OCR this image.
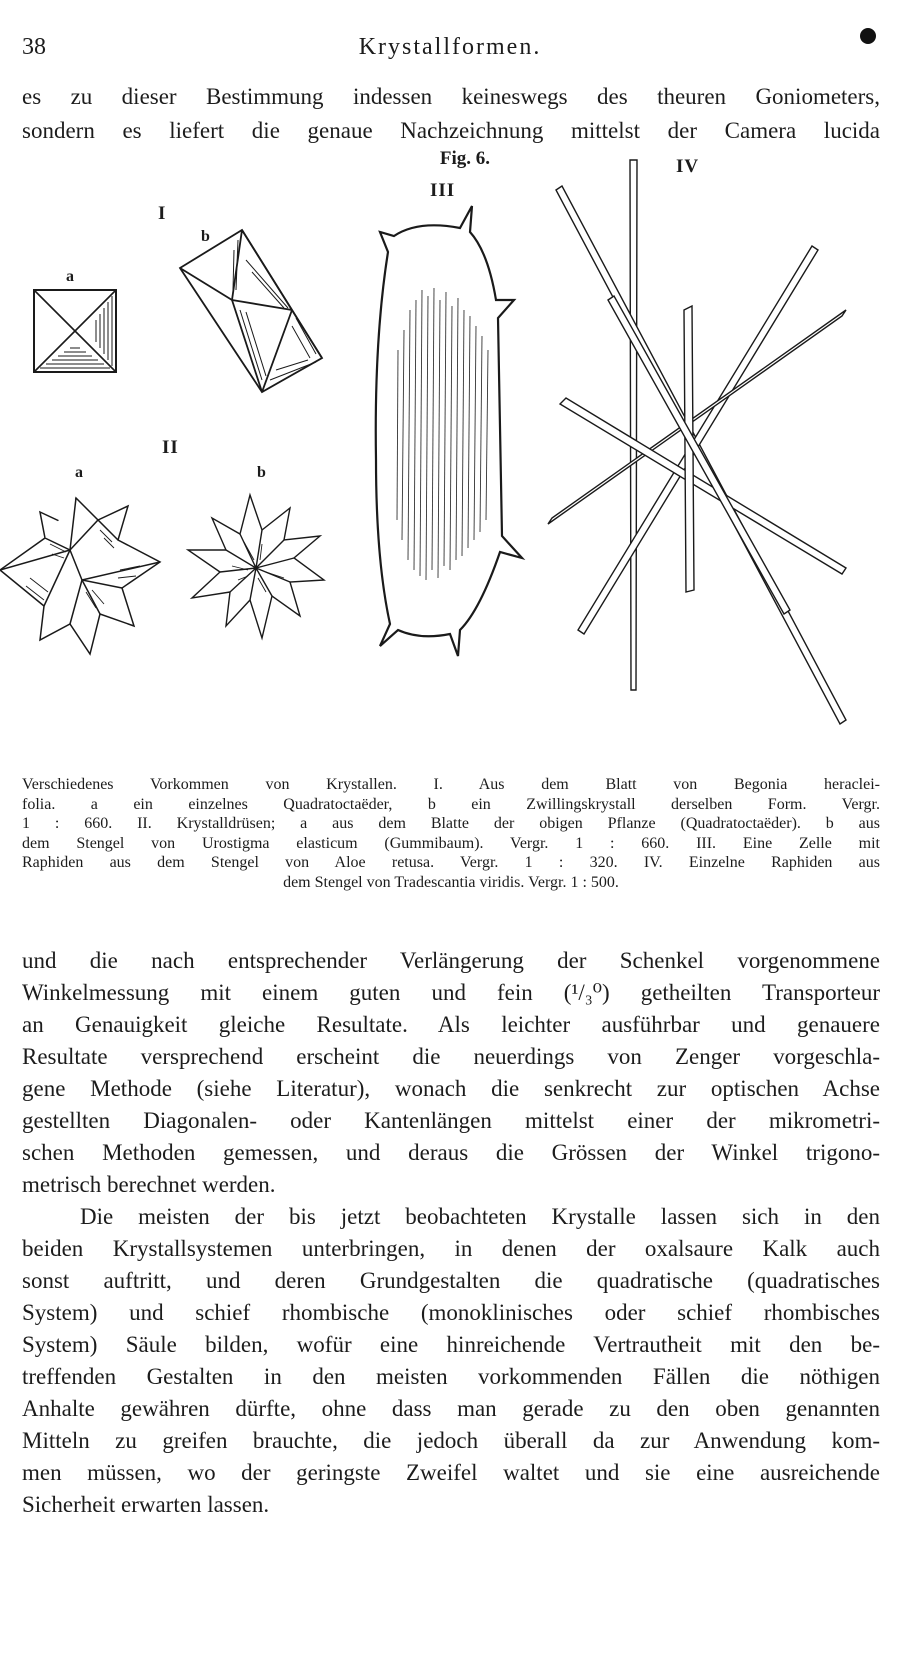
38	Krystallformen.

es zu dieser Bestimmung indessen keineswegs des theuren Goniometers,
sondern es liefert die genaue Nachzeichnung mittelst der Camera lucida

Fig. 6.
I
III
IV
II
a
b
a	b

Verschiedenes Vorkommen von Krystallen. I. Aus dem Blatt von Begonia heraclei-
folia. a ein einzelnes Quadratoctaëder, b ein Zwillingskrystall derselben Form. Vergr.
1 : 660. II. Krystalldrüsen; a aus dem Blatte der obigen Pflanze (Quadratoctaëder). b aus
dem Stengel von Urostigma elasticum (Gummibaum). Vergr. 1 : 660. III. Eine Zelle mit
Raphiden aus dem Stengel von Aloe retusa. Vergr. 1 : 320. IV. Einzelne Raphiden aus
dem Stengel von Tradescantia viridis. Vergr. 1 : 500.

und die nach entsprechender Verlängerung der Schenkel vorgenommene
Winkelmessung mit einem guten und fein (¹/₃⁰) getheilten Transporteur
an Genauigkeit gleiche Resultate. Als leichter ausführbar und genauere
Resultate versprechend erscheint die neuerdings von Zenger vorgeschla-
gene Methode (siehe Literatur), wonach die senkrecht zur optischen Achse
gestellten Diagonalen- oder Kantenlängen mittelst einer der mikrometri-
schen Methoden gemessen, und deraus die Grössen der Winkel trigono-
metrisch berechnet werden.
Die meisten der bis jetzt beobachteten Krystalle lassen sich in den
beiden Krystallsystemen unterbringen, in denen der oxalsaure Kalk auch
sonst auftritt, und deren Grundgestalten die quadratische (quadratisches
System) und schief rhombische (monoklinisches oder schief rhombisches
System) Säule bilden, wofür eine hinreichende Vertrautheit mit den be-
treffenden Gestalten in den meisten vorkommenden Fällen die nöthigen
Anhalte gewähren dürfte, ohne dass man gerade zu den oben genannten
Mitteln zu greifen brauchte, die jedoch überall da zur Anwendung kom-
men müssen, wo der geringste Zweifel waltet und sie eine ausreichende
Sicherheit erwarten lassen.
